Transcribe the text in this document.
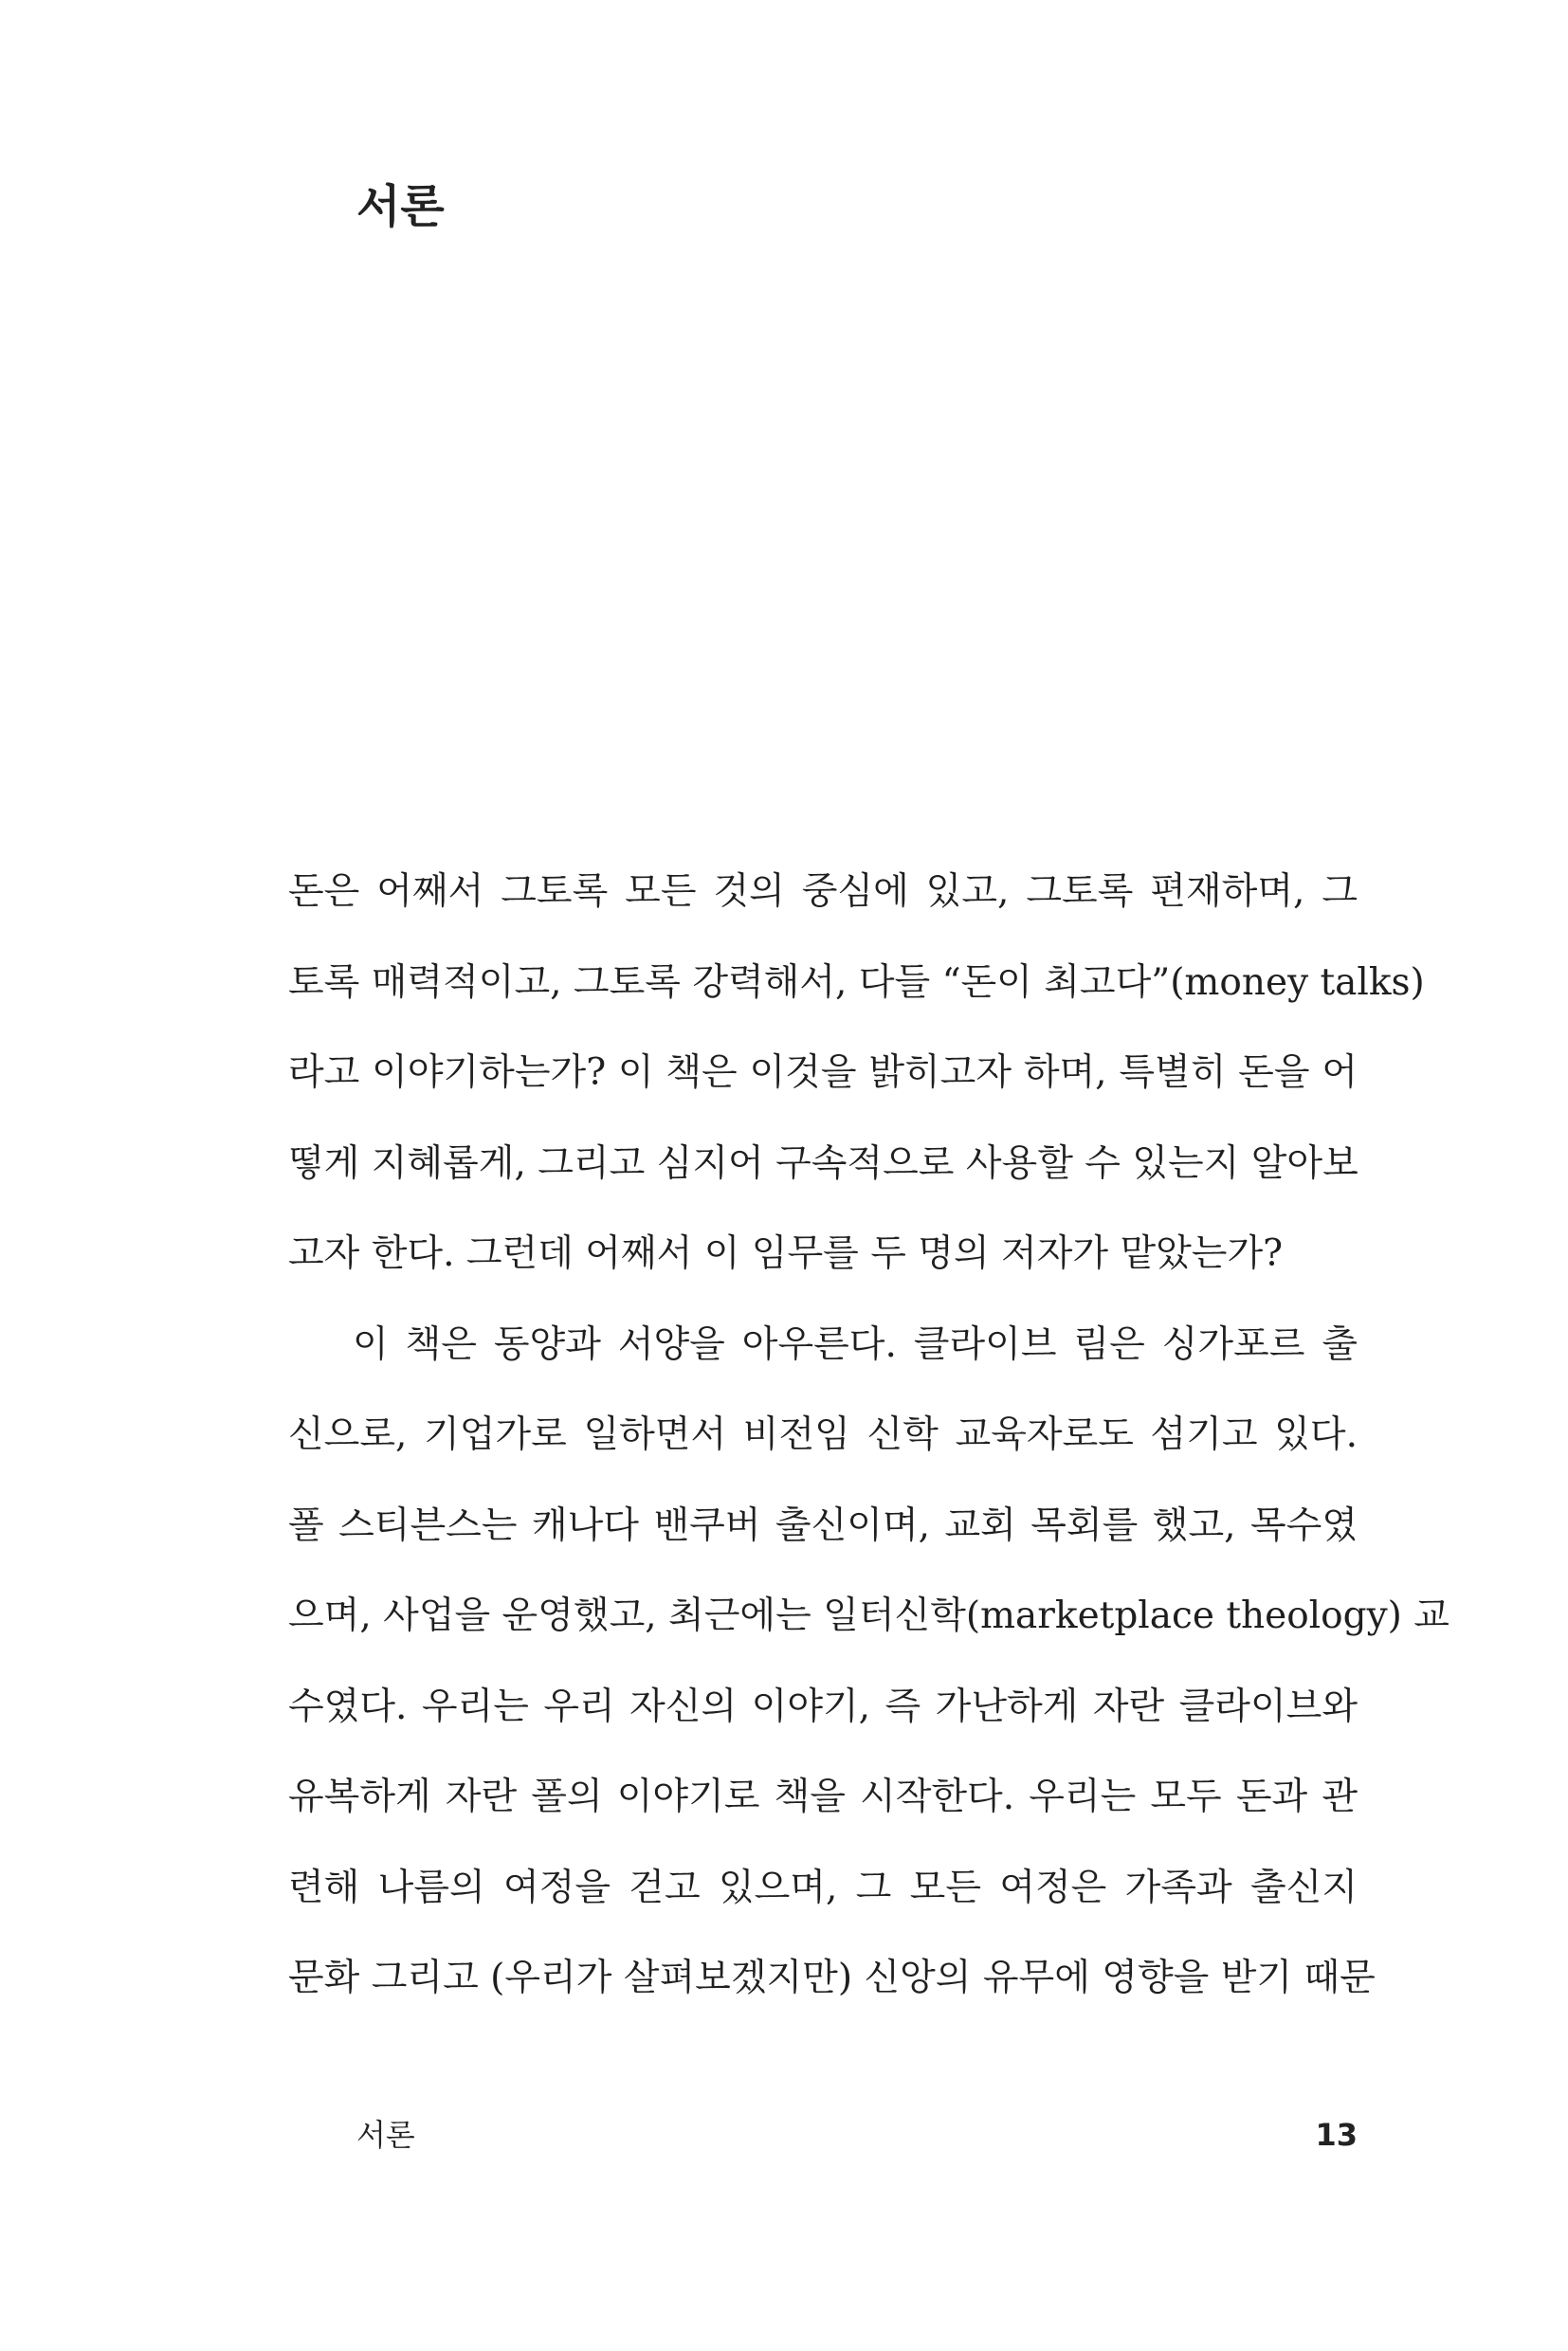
서론
돈은 어째서 그토록 모든 것의 중심에 있고, 그토록 편재하며, 그
토록 매력적이고, 그토록 강력해서, 다들 “돈이 최고다”(money talks)
라고 이야기하는가? 이 책은 이것을 밝히고자 하며, 특별히 돈을 어
떻게 지혜롭게, 그리고 심지어 구속적으로 사용할 수 있는지 알아보
고자 한다. 그런데 어째서 이 임무를 두 명의 저자가 맡았는가?
이 책은 동양과 서양을 아우른다. 클라이브 림은 싱가포르 출
신으로, 기업가로 일하면서 비전임 신학 교육자로도 섬기고 있다.
폴 스티븐스는 캐나다 밴쿠버 출신이며, 교회 목회를 했고, 목수였
으며, 사업을 운영했고, 최근에는 일터신학(marketplace theology) 교
수였다. 우리는 우리 자신의 이야기, 즉 가난하게 자란 클라이브와
유복하게 자란 폴의 이야기로 책을 시작한다. 우리는 모두 돈과 관
련해 나름의 여정을 걷고 있으며, 그 모든 여정은 가족과 출신지
문화 그리고 (우리가 살펴보겠지만) 신앙의 유무에 영향을 받기 때문
서론	13
